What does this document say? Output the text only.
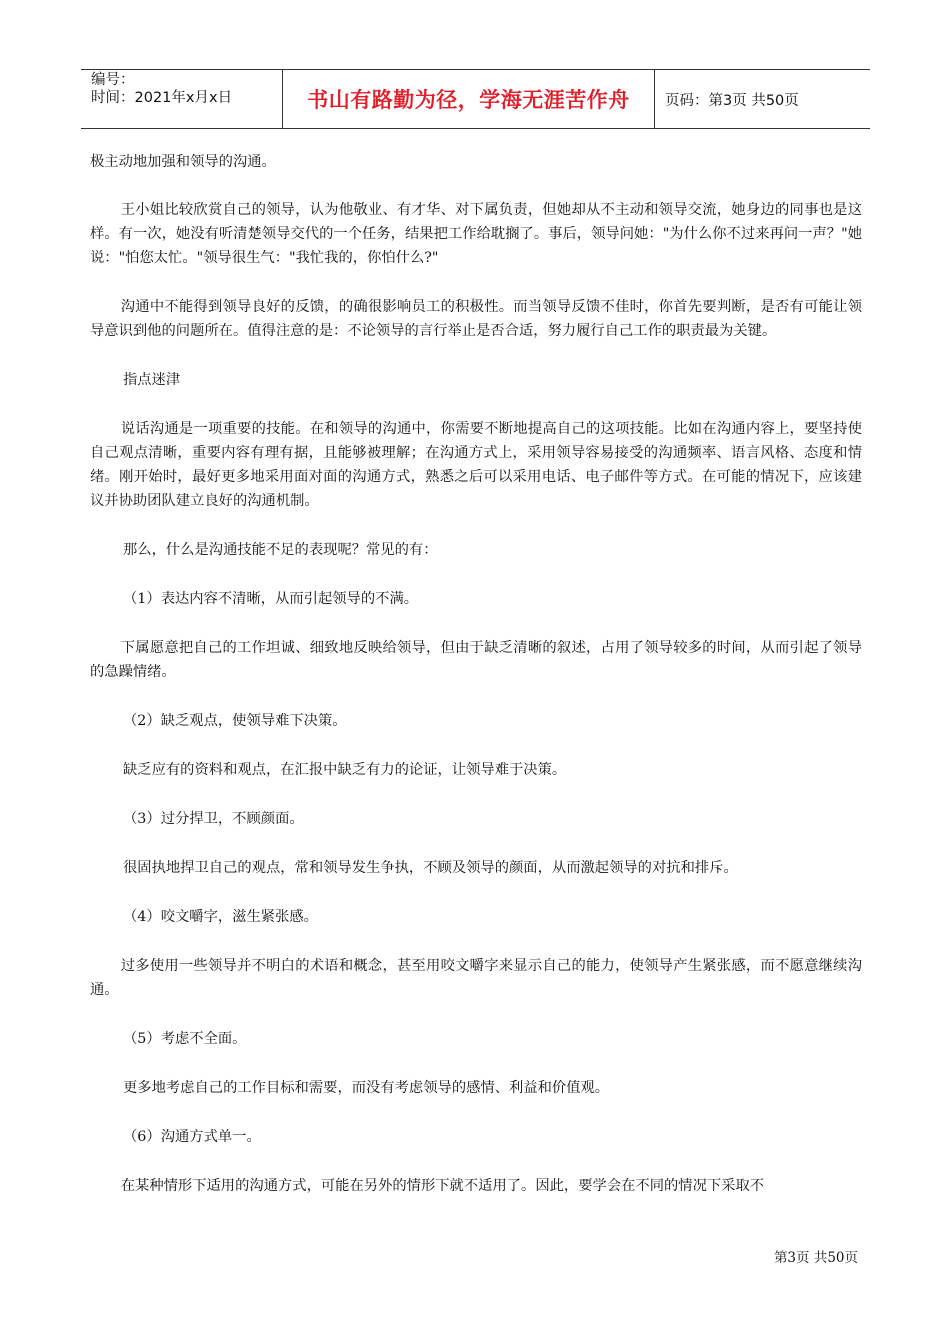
编号：
时间：2021年x月x日	书山有路勤为径，学海无涯苦作舟 页码：第3页 共50页

极主动地加强和领导的沟通。

王小姐比较欣赏自己的领导，认为他敬业、有才华、对下属负责，但她却从不主动和领导交流，她身边的同事也是这样。有一次，她没有听清楚领导交代的一个任务，结果把工作给耽搁了。事后，领导问她："为什么你不过来再问一声？"她说："怕您太忙。"领导很生气："我忙我的，你怕什么?"

沟通中不能得到领导良好的反馈，的确很影响员工的积极性。而当领导反馈不佳时，你首先要判断，是否有可能让领导意识到他的问题所在。值得注意的是：不论领导的言行举止是否合适，努力履行自己工作的职责最为关键。

指点迷津

说话沟通是一项重要的技能。在和领导的沟通中，你需要不断地提高自己的这项技能。比如在沟通内容上，要坚持使自己观点清晰，重要内容有理有据，且能够被理解；在沟通方式上，采用领导容易接受的沟通频率、语言风格、态度和情绪。刚开始时，最好更多地采用面对面的沟通方式，熟悉之后可以采用电话、电子邮件等方式。在可能的情况下，应该建议并协助团队建立良好的沟通机制。

那么，什么是沟通技能不足的表现呢？常见的有：

（1）表达内容不清晰，从而引起领导的不满。

下属愿意把自己的工作坦诚、细致地反映给领导，但由于缺乏清晰的叙述，占用了领导较多的时间，从而引起了领导的急躁情绪。

（2）缺乏观点，使领导难下决策。

缺乏应有的资料和观点，在汇报中缺乏有力的论证，让领导难于决策。

（3）过分捍卫，不顾颜面。

很固执地捍卫自己的观点，常和领导发生争执，不顾及领导的颜面，从而激起领导的对抗和排斥。

（4）咬文嚼字，滋生紧张感。

过多使用一些领导并不明白的术语和概念，甚至用咬文嚼字来显示自己的能力，使领导产生紧张感，而不愿意继续沟通。

（5）考虑不全面。

更多地考虑自己的工作目标和需要，而没有考虑领导的感情、利益和价值观。

（6）沟通方式单一。

在某种情形下适用的沟通方式，可能在另外的情形下就不适用了。因此，要学会在不同的情况下采取不

第3页 共50页
